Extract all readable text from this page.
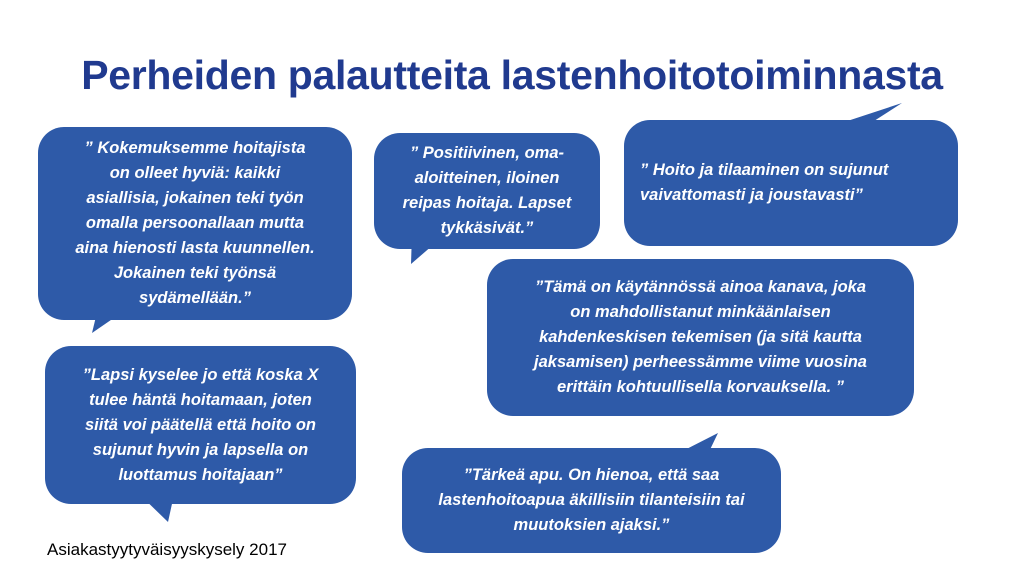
Perheiden palautteita lastenhoitotoiminnasta
” Kokemuksemme hoitajista
on olleet hyviä: kaikki
asiallisia, jokainen teki työn
omalla persoonallaan mutta
aina hienosti lasta kuunnellen.
Jokainen teki työnsä
sydämellään.”
” Positiivinen, oma-
aloitteinen, iloinen
reipas hoitaja. Lapset
tykkäsivät.”
” Hoito ja tilaaminen on sujunut
vaivattomasti ja joustavasti”
”Tämä on käytännössä ainoa kanava, joka
on mahdollistanut minkäänlaisen
kahdenkeskisen tekemisen (ja sitä kautta
jaksamisen) perheessämme viime vuosina
erittäin kohtuullisella korvauksella. ”
”Lapsi kyselee jo että koska X
tulee häntä hoitamaan, joten
siitä voi päätellä että hoito on
sujunut hyvin ja lapsella on
luottamus hoitajaan”	”Tärkeä apu. On hienoa, että saa
lastenhoitoapua äkillisiin tilanteisiin tai
muutoksien ajaksi.”
Asiakastyytyväisyyskysely 2017
